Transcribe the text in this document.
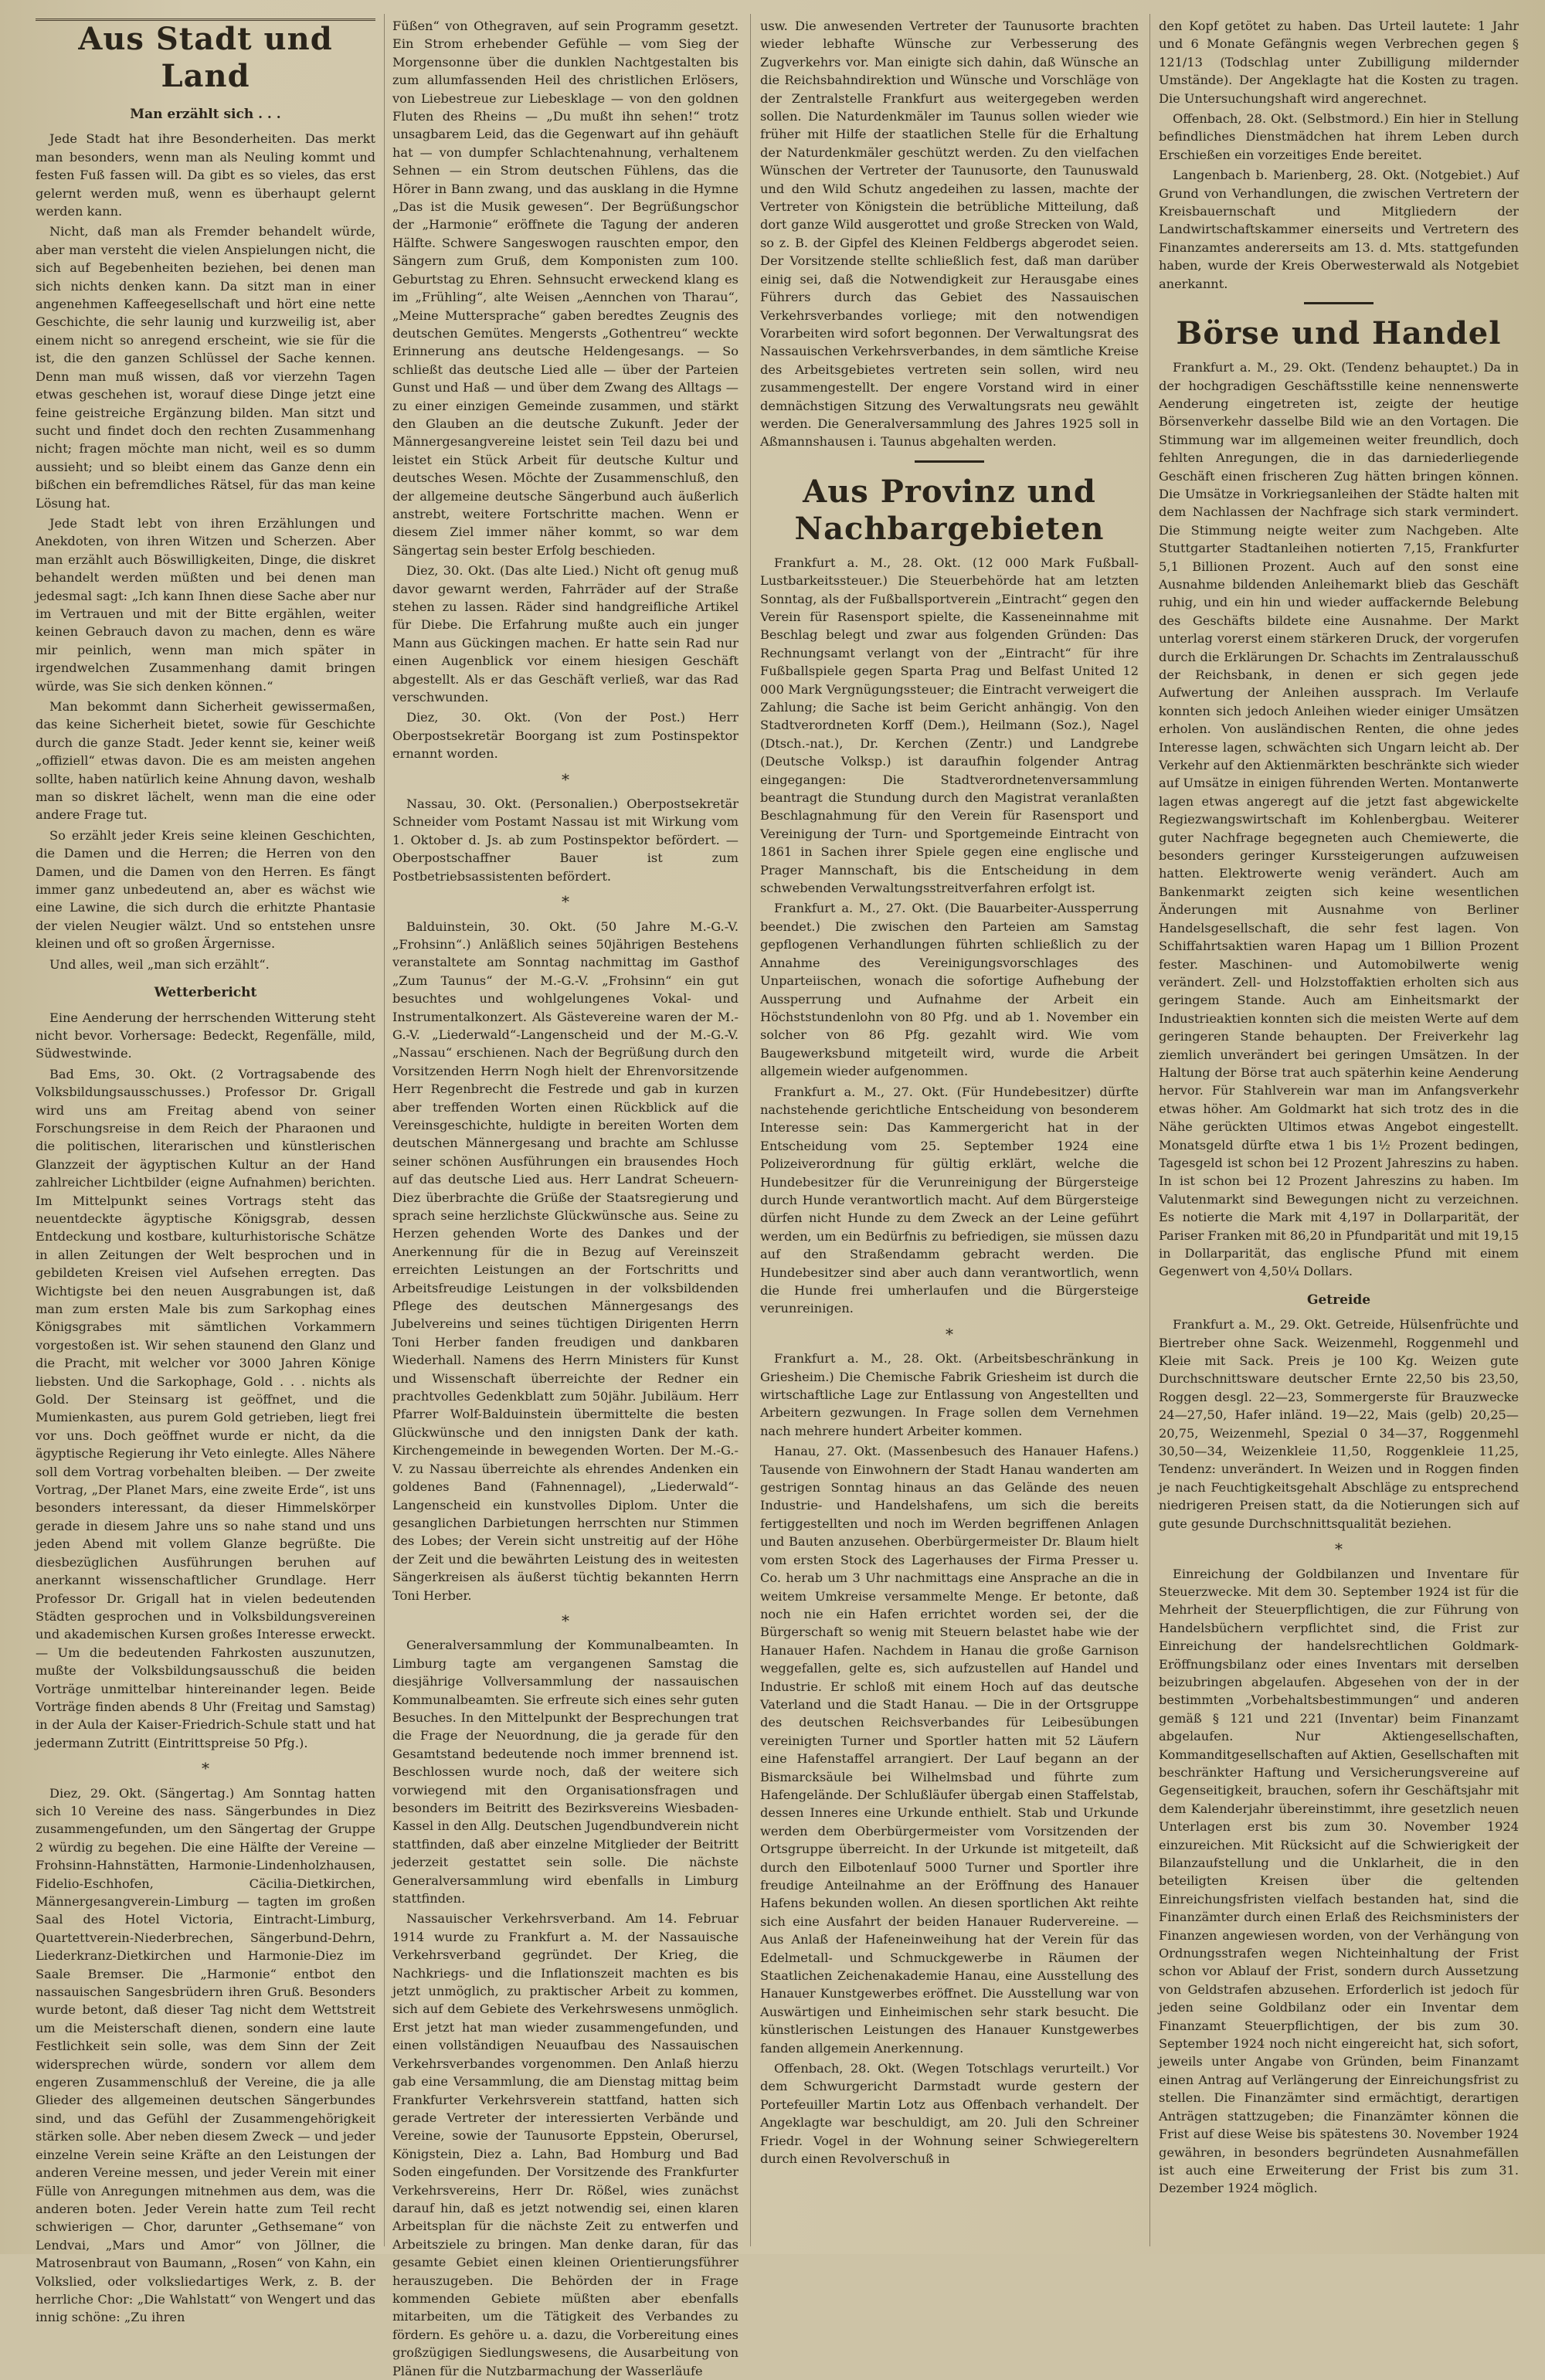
Aus Stadt und Land
Man erzählt sich . . .

Jede Stadt hat ihre Besonderheiten. Das merkt man besonders, wenn man als Neuling kommt und festen Fuß fassen will. Da gibt es so vieles, das erst gelernt werden muß, wenn es überhaupt gelernt werden kann.

Nicht, daß man als Fremder behandelt würde, aber man versteht die vielen Anspielungen nicht, die sich auf Begebenheiten beziehen, bei denen man sich nichts denken kann. Da sitzt man in einer angenehmen Kaffeegesellschaft und hört eine nette Geschichte, die sehr launig und kurzweilig ist, aber einem nicht so anregend erscheint, wie sie für die ist, die den ganzen Schlüssel der Sache kennen. Denn man muß wissen, daß vor vierzehn Tagen etwas geschehen ist, worauf diese Dinge jetzt eine feine geistreiche Ergänzung bilden. Man sitzt und sucht und findet doch den rechten Zusammenhang nicht; fragen möchte man nicht, weil es so dumm aussieht; und so bleibt einem das Ganze denn ein bißchen ein befremdliches Rätsel, für das man keine Lösung hat.

Jede Stadt lebt von ihren Erzählungen und Anekdoten, von ihren Witzen und Scherzen. Aber man erzählt auch Böswilligkeiten, Dinge, die diskret behandelt werden müßten und bei denen man jedesmal sagt: „Ich kann Ihnen diese Sache aber nur im Vertrauen und mit der Bitte ergählen, weiter keinen Gebrauch davon zu machen, denn es wäre mir peinlich, wenn man mich später in irgendwelchen Zusammenhang damit bringen würde, was Sie sich denken können.“

Man bekommt dann Sicherheit gewissermaßen, das keine Sicherheit bietet, sowie für Geschichte durch die ganze Stadt. Jeder kennt sie, keiner weiß „offiziell“ etwas davon. Die es am meisten angehen sollte, haben natürlich keine Ahnung davon, weshalb man so diskret lächelt, wenn man die eine oder andere Frage tut.

So erzählt jeder Kreis seine kleinen Geschichten, die Damen und die Herren; die Herren von den Damen, und die Damen von den Herren. Es fängt immer ganz unbedeutend an, aber es wächst wie eine Lawine, die sich durch die erhitzte Phantasie der vielen Neugier wälzt. Und so entstehen unsre kleinen und oft so großen Ärgernisse.

Und alles, weil „man sich erzählt“.

Wetterbericht

Eine Aenderung der herrschenden Witterung steht nicht bevor. Vorhersage: Bedeckt, Regenfälle, mild, Südwestwinde.

Bad Ems, 30. Okt. (2 Vortragsabende des Volksbildungsausschusses.) Professor Dr. Grigall wird uns am Freitag abend von seiner Forschungsreise in dem Reich der Pharaonen und die politischen, literarischen und künstlerischen Glanzzeit der ägyptischen Kultur an der Hand zahlreicher Lichtbilder (eigne Aufnahmen) berichten. Im Mittelpunkt seines Vortrags steht das neuentdeckte ägyptische Königsgrab, dessen Entdeckung und kostbare, kulturhistorische Schätze in allen Zeitungen der Welt besprochen und in gebildeten Kreisen viel Aufsehen erregten. Das Wichtigste bei den neuen Ausgrabungen ist, daß man zum ersten Male bis zum Sarkophag eines Königsgrabes mit sämtlichen Vorkammern vorgestoßen ist. Wir sehen staunend den Glanz und die Pracht, mit welcher vor 3000 Jahren Könige liebsten. Und die Sarkophage, Gold . . . nichts als Gold. Der Steinsarg ist geöffnet, und die Mumienkasten, aus purem Gold getrieben, liegt frei vor uns. Doch geöffnet wurde er nicht, da die ägyptische Regierung ihr Veto einlegte. Alles Nähere soll dem Vortrag vorbehalten bleiben. — Der zweite Vortrag, „Der Planet Mars, eine zweite Erde“, ist uns besonders interessant, da dieser Himmelskörper gerade in diesem Jahre uns so nahe stand und uns jeden Abend mit vollem Glanze begrüßte. Die diesbezüglichen Ausführungen beruhen auf anerkannt wissenschaftlicher Grundlage. Herr Professor Dr. Grigall hat in vielen bedeutenden Städten gesprochen und in Volksbildungsvereinen und akademischen Kursen großes Interesse erweckt. — Um die bedeutenden Fahrkosten auszunutzen, mußte der Volksbildungsausschuß die beiden Vorträge unmittelbar hintereinander legen. Beide Vorträge finden abends 8 Uhr (Freitag und Samstag) in der Aula der Kaiser-Friedrich-Schule statt und hat jedermann Zutritt (Eintrittspreise 50 Pfg.).

*

Diez, 29. Okt. (Sängertag.) Am Sonntag hatten sich 10 Vereine des nass. Sängerbundes in Diez zusammengefunden, um den Sängertag der Gruppe 2 würdig zu begehen. Die eine Hälfte der Vereine — Frohsinn-Hahnstätten, Harmonie-Lindenholzhausen, Fidelio-Eschhofen, Cäcilia-Dietkirchen, Männergesangverein-Limburg — tagten im großen Saal des Hotel Victoria, Eintracht-Limburg, Quartettverein-Niederbrechen, Sängerbund-Dehrn, Liederkranz-Dietkirchen und Harmonie-Diez im Saale Bremser. Die „Harmonie“ entbot den nassauischen Sangesbrüdern ihren Gruß. Besonders wurde betont, daß dieser Tag nicht dem Wettstreit um die Meisterschaft dienen, sondern eine laute Festlichkeit sein solle, was dem Sinn der Zeit widersprechen würde, sondern vor allem dem engeren Zusammenschluß der Vereine, die ja alle Glieder des allgemeinen deutschen Sängerbundes sind, und das Gefühl der Zusammengehörigkeit stärken solle. Aber neben diesem Zweck — und jeder einzelne Verein seine Kräfte an den Leistungen der anderen Vereine messen, und jeder Verein mit einer Fülle von Anregungen mitnehmen aus dem, was die anderen boten. Jeder Verein hatte zum Teil recht schwierigen — Chor, darunter „Gethsemane“ von Lendvai, „Mars und Amor“ von Jöllner, die Matrosenbraut von Baumann, „Rosen“ von Kahn, ein Volkslied, oder volksliedartiges Werk, z. B. der herrliche Chor: „Die Wahlstatt“ von Wengert und das innig schöne: „Zu ihren

Füßen“ von Othegraven, auf sein Programm gesetzt. Ein Strom erhebender Gefühle — vom Sieg der Morgensonne über die dunklen Nachtgestalten bis zum allumfassenden Heil des christlichen Erlösers, von Liebestreue zur Liebesklage — von den goldnen Fluten des Rheins — „Du mußt ihn sehen!“ trotz unsagbarem Leid, das die Gegenwart auf ihn gehäuft hat — von dumpfer Schlachtenahnung, verhaltenem Sehnen — ein Strom deutschen Fühlens, das die Hörer in Bann zwang, und das ausklang in die Hymne „Das ist die Musik gewesen“. Der Begrüßungschor der „Harmonie“ eröffnete die Tagung der anderen Hälfte. Schwere Sangeswogen rauschten empor, den Sängern zum Gruß, dem Komponisten zum 100. Geburtstag zu Ehren. Sehnsucht erweckend klang es im „Frühling“, alte Weisen „Aennchen von Tharau“, „Meine Muttersprache“ gaben beredtes Zeugnis des deutschen Gemütes. Mengersts „Gothentreu“ weckte Erinnerung ans deutsche Heldengesangs. — So schließt das deutsche Lied alle — über der Parteien Gunst und Haß — und über dem Zwang des Alltags — zu einer einzigen Gemeinde zusammen, und stärkt den Glauben an die deutsche Zukunft. Jeder der Männergesangvereine leistet sein Teil dazu bei und leistet ein Stück Arbeit für deutsche Kultur und deutsches Wesen. Möchte der Zusammenschluß, den der allgemeine deutsche Sängerbund auch äußerlich anstrebt, weitere Fortschritte machen. Wenn er diesem Ziel immer näher kommt, so war dem Sängertag sein bester Erfolg beschieden.

Diez, 30. Okt. (Das alte Lied.) Nicht oft genug muß davor gewarnt werden, Fahrräder auf der Straße stehen zu lassen. Räder sind handgreifliche Artikel für Diebe. Die Erfahrung mußte auch ein junger Mann aus Gückingen machen. Er hatte sein Rad nur einen Augenblick vor einem hiesigen Geschäft abgestellt. Als er das Geschäft verließ, war das Rad verschwunden.

Diez, 30. Okt. (Von der Post.) Herr Oberpostsekretär Boorgang ist zum Postinspektor ernannt worden.

*

Nassau, 30. Okt. (Personalien.) Oberpostsekretär Schneider vom Postamt Nassau ist mit Wirkung vom 1. Oktober d. Js. ab zum Postinspektor befördert. — Oberpostschaffner Bauer ist zum Postbetriebsassistenten befördert.

*

Balduinstein, 30. Okt. (50 Jahre M.-G.-V. „Frohsinn“.) Anläßlich seines 50jährigen Bestehens veranstaltete am Sonntag nachmittag im Gasthof „Zum Taunus“ der M.-G.-V. „Frohsinn“ ein gut besuchtes und wohlgelungenes Vokal- und Instrumentalkonzert. Als Gästevereine waren der M.-G.-V. „Liederwald“-Langenscheid und der M.-G.-V. „Nassau“ erschienen. Nach der Begrüßung durch den Vorsitzenden Herrn Nogh hielt der Ehrenvorsitzende Herr Regenbrecht die Festrede und gab in kurzen aber treffenden Worten einen Rückblick auf die Vereinsgeschichte, huldigte in bereiten Worten dem deutschen Männergesang und brachte am Schlusse seiner schönen Ausführungen ein brausendes Hoch auf das deutsche Lied aus. Herr Landrat Scheuern-Diez überbrachte die Grüße der Staatsregierung und sprach seine herzlichste Glückwünsche aus. Seine zu Herzen gehenden Worte des Dankes und der Anerkennung für die in Bezug auf Vereinszeit erreichten Leistungen an der Fortschritts und Arbeitsfreudige Leistungen in der volksbildenden Pflege des deutschen Männergesangs des Jubelvereins und seines tüchtigen Dirigenten Herrn Toni Herber fanden freudigen und dankbaren Wiederhall. Namens des Herrn Ministers für Kunst und Wissenschaft überreichte der Redner ein prachtvolles Gedenkblatt zum 50jähr. Jubiläum. Herr Pfarrer Wolf-Balduinstein übermittelte die besten Glückwünsche und den innigsten Dank der kath. Kirchengemeinde in bewegenden Worten. Der M.-G.-V. zu Nassau überreichte als ehrendes Andenken ein goldenes Band (Fahnennagel), „Liederwald“-Langenscheid ein kunstvolles Diplom. Unter die gesanglichen Darbietungen herrschten nur Stimmen des Lobes; der Verein sicht unstreitig auf der Höhe der Zeit und die bewährten Leistung des in weitesten Sängerkreisen als äußerst tüchtig bekannten Herrn Toni Herber.

*

Generalversammlung der Kommunalbeamten. In Limburg tagte am vergangenen Samstag die diesjährige Vollversammlung der nassauischen Kommunalbeamten. Sie erfreute sich eines sehr guten Besuches. In den Mittelpunkt der Besprechungen trat die Frage der Neuordnung, die ja gerade für den Gesamtstand bedeutende noch immer brennend ist. Beschlossen wurde noch, daß der weitere sich vorwiegend mit den Organisationsfragen und besonders im Beitritt des Bezirksvereins Wiesbaden-Kassel in den Allg. Deutschen Jugendbundverein nicht stattfinden, daß aber einzelne Mitglieder der Beitritt jederzeit gestattet sein solle. Die nächste Generalversammlung wird ebenfalls in Limburg stattfinden.

Nassauischer Verkehrsverband. Am 14. Februar 1914 wurde zu Frankfurt a. M. der Nassauische Verkehrsverband gegründet. Der Krieg, die Nachkriegs- und die Inflationszeit machten es bis jetzt unmöglich, zu praktischer Arbeit zu kommen, sich auf dem Gebiete des Verkehrswesens unmöglich. Erst jetzt hat man wieder zusammengefunden, und einen vollständigen Neuaufbau des Nassauischen Verkehrsverbandes vorgenommen. Den Anlaß hierzu gab eine Versammlung, die am Dienstag mittag beim Frankfurter Verkehrsverein stattfand, hatten sich gerade Vertreter der interessierten Verbände und Vereine, sowie der Taunusorte Eppstein, Oberursel, Königstein, Diez a. Lahn, Bad Homburg und Bad Soden eingefunden. Der Vorsitzende des Frankfurter Verkehrsvereins, Herr Dr. Rößel, wies zunächst darauf hin, daß es jetzt notwendig sei, einen klaren Arbeitsplan für die nächste Zeit zu entwerfen und Arbeitsziele zu bringen. Man denke daran, für das gesamte Gebiet einen kleinen Orientierungsführer herauszugeben. Die Behörden der in Frage kommenden Gebiete müßten aber ebenfalls mitarbeiten, um die Tätigkeit des Verbandes zu fördern. Es gehöre u. a. dazu, die Vorbereitung eines großzügigen Siedlungswesens, die Ausarbeitung von Plänen für die Nutzbarmachung der Wasserläufe

usw. Die anwesenden Vertreter der Taunusorte brachten wieder lebhafte Wünsche zur Verbesserung des Zugverkehrs vor. Man einigte sich dahin, daß Wünsche an die Reichsbahndirektion und Wünsche und Vorschläge von der Zentralstelle Frankfurt aus weitergegeben werden sollen. Die Naturdenkmäler im Taunus sollen wieder wie früher mit Hilfe der staatlichen Stelle für die Erhaltung der Naturdenkmäler geschützt werden. Zu den vielfachen Wünschen der Vertreter der Taunusorte, den Taunuswald und den Wild Schutz angedeihen zu lassen, machte der Vertreter von Königstein die betrübliche Mitteilung, daß dort ganze Wild ausgerottet und große Strecken von Wald, so z. B. der Gipfel des Kleinen Feldbergs abgerodet seien. Der Vorsitzende stellte schließlich fest, daß man darüber einig sei, daß die Notwendigkeit zur Herausgabe eines Führers durch das Gebiet des Nassauischen Verkehrsverbandes vorliege; mit den notwendigen Vorarbeiten wird sofort begonnen. Der Verwaltungsrat des Nassauischen Verkehrsverbandes, in dem sämtliche Kreise des Arbeitsgebietes vertreten sein sollen, wird neu zusammengestellt. Der engere Vorstand wird in einer demnächstigen Sitzung des Verwaltungsrats neu gewählt werden. Die Generalversammlung des Jahres 1925 soll in Aßmannshausen i. Taunus abgehalten werden.

Aus Provinz und Nachbargebieten

Frankfurt a. M., 28. Okt. (12 000 Mark Fußball-Lustbarkeitssteuer.) Die Steuerbehörde hat am letzten Sonntag, als der Fußballsportverein „Eintracht“ gegen den Verein für Rasensport spielte, die Kasseneinnahme mit Beschlag belegt und zwar aus folgenden Gründen: Das Rechnungsamt verlangt von der „Eintracht“ für ihre Fußballspiele gegen Sparta Prag und Belfast United 12 000 Mark Vergnügungssteuer; die Eintracht verweigert die Zahlung; die Sache ist beim Gericht anhängig. Von den Stadtverordneten Korff (Dem.), Heilmann (Soz.), Nagel (Dtsch.-nat.), Dr. Kerchen (Zentr.) und Landgrebe (Deutsche Volksp.) ist daraufhin folgender Antrag eingegangen: Die Stadtverordnetenversammlung beantragt die Stundung durch den Magistrat veranlaßten Beschlagnahmung für den Verein für Rasensport und Vereinigung der Turn- und Sportgemeinde Eintracht von 1861 in Sachen ihrer Spiele gegen eine englische und Prager Mannschaft, bis die Entscheidung in dem schwebenden Verwaltungsstreitverfahren erfolgt ist.

Frankfurt a. M., 27. Okt. (Die Bauarbeiter-Aussperrung beendet.) Die zwischen den Parteien am Samstag gepflogenen Verhandlungen führten schließlich zu der Annahme des Vereinigungsvorschlages des Unparteiischen, wonach die sofortige Aufhebung der Aussperrung und Aufnahme der Arbeit ein Höchststundenlohn von 80 Pfg. und ab 1. November ein solcher von 86 Pfg. gezahlt wird. Wie vom Baugewerksbund mitgeteilt wird, wurde die Arbeit allgemein wieder aufgenommen.

Frankfurt a. M., 27. Okt. (Für Hundebesitzer) dürfte nachstehende gerichtliche Entscheidung von besonderem Interesse sein: Das Kammergericht hat in der Entscheidung vom 25. September 1924 eine Polizeiverordnung für gültig erklärt, welche die Hundebesitzer für die Verunreinigung der Bürgersteige durch Hunde verantwortlich macht. Auf dem Bürgersteige dürfen nicht Hunde zu dem Zweck an der Leine geführt werden, um ein Bedürfnis zu befriedigen, sie müssen dazu auf den Straßendamm gebracht werden. Die Hundebesitzer sind aber auch dann verantwortlich, wenn die Hunde frei umherlaufen und die Bürgersteige verunreinigen.

*

Frankfurt a. M., 28. Okt. (Arbeitsbeschränkung in Griesheim.) Die Chemische Fabrik Griesheim ist durch die wirtschaftliche Lage zur Entlassung von Angestellten und Arbeitern gezwungen. In Frage sollen dem Vernehmen nach mehrere hundert Arbeiter kommen.

Hanau, 27. Okt. (Massenbesuch des Hanauer Hafens.) Tausende von Einwohnern der Stadt Hanau wanderten am gestrigen Sonntag hinaus an das Gelände des neuen Industrie- und Handelshafens, um sich die bereits fertiggestellten und noch im Werden begriffenen Anlagen und Bauten anzusehen. Oberbürgermeister Dr. Blaum hielt vom ersten Stock des Lagerhauses der Firma Presser u. Co. herab um 3 Uhr nachmittags eine Ansprache an die in weitem Umkreise versammelte Menge. Er betonte, daß noch nie ein Hafen errichtet worden sei, der die Bürgerschaft so wenig mit Steuern belastet habe wie der Hanauer Hafen. Nachdem in Hanau die große Garnison weggefallen, gelte es, sich aufzustellen auf Handel und Industrie. Er schloß mit einem Hoch auf das deutsche Vaterland und die Stadt Hanau. — Die in der Ortsgruppe des deutschen Reichsverbandes für Leibesübungen vereinigten Turner und Sportler hatten mit 52 Läufern eine Hafenstaffel arrangiert. Der Lauf begann an der Bismarcksäule bei Wilhelmsbad und führte zum Hafengelände. Der Schlußläufer übergab einen Staffelstab, dessen Inneres eine Urkunde enthielt. Stab und Urkunde werden dem Oberbürgermeister vom Vorsitzenden der Ortsgruppe überreicht. In der Urkunde ist mitgeteilt, daß durch den Eilbotenlauf 5000 Turner und Sportler ihre freudige Anteilnahme an der Eröffnung des Hanauer Hafens bekunden wollen. An diesen sportlichen Akt reihte sich eine Ausfahrt der beiden Hanauer Rudervereine. — Aus Anlaß der Hafeneinweihung hat der Verein für das Edelmetall- und Schmuckgewerbe in Räumen der Staatlichen Zeichenakademie Hanau, eine Ausstellung des Hanauer Kunstgewerbes eröffnet. Die Ausstellung war von Auswärtigen und Einheimischen sehr stark besucht. Die künstlerischen Leistungen des Hanauer Kunstgewerbes fanden allgemein Anerkennung.

Offenbach, 28. Okt. (Wegen Totschlags verurteilt.) Vor dem Schwurgericht Darmstadt wurde gestern der Portefeuiller Martin Lotz aus Offenbach verhandelt. Der Angeklagte war beschuldigt, am 20. Juli den Schreiner Friedr. Vogel in der Wohnung seiner Schwiegereltern durch einen Revolverschuß in

den Kopf getötet zu haben. Das Urteil lautete: 1 Jahr und 6 Monate Gefängnis wegen Verbrechen gegen § 121/13 (Todschlag unter Zubilligung mildernder Umstände). Der Angeklagte hat die Kosten zu tragen. Die Untersuchungshaft wird angerechnet.

Offenbach, 28. Okt. (Selbstmord.) Ein hier in Stellung befindliches Dienstmädchen hat ihrem Leben durch Erschießen ein vorzeitiges Ende bereitet.

Langenbach b. Marienberg, 28. Okt. (Notgebiet.) Auf Grund von Verhandlungen, die zwischen Vertretern der Kreisbauernschaft und Mitgliedern der Landwirtschaftskammer einerseits und Vertretern des Finanzamtes andererseits am 13. d. Mts. stattgefunden haben, wurde der Kreis Oberwesterwald als Notgebiet anerkannt.

Börse und Handel

Frankfurt a. M., 29. Okt. (Tendenz behauptet.) Da in der hochgradigen Geschäftsstille keine nennenswerte Aenderung eingetreten ist, zeigte der heutige Börsenverkehr dasselbe Bild wie an den Vortagen. Die Stimmung war im allgemeinen weiter freundlich, doch fehlten Anregungen, die in das darniederliegende Geschäft einen frischeren Zug hätten bringen können. Die Umsätze in Vorkriegsanleihen der Städte halten mit dem Nachlassen der Nachfrage sich stark vermindert. Die Stimmung neigte weiter zum Nachgeben. Alte Stuttgarter Stadtanleihen notierten 7,15, Frankfurter 5,1 Billionen Prozent. Auch auf den sonst eine Ausnahme bildenden Anleihemarkt blieb das Geschäft ruhig, und ein hin und wieder auffackernde Belebung des Geschäfts bildete eine Ausnahme. Der Markt unterlag vorerst einem stärkeren Druck, der vorgerufen durch die Erklärungen Dr. Schachts im Zentralausschuß der Reichsbank, in denen er sich gegen jede Aufwertung der Anleihen aussprach. Im Verlaufe konnten sich jedoch Anleihen wieder einiger Umsätzen erholen. Von ausländischen Renten, die ohne jedes Interesse lagen, schwächten sich Ungarn leicht ab. Der Verkehr auf den Aktienmärkten beschränkte sich wieder auf Umsätze in einigen führenden Werten. Montanwerte lagen etwas angeregt auf die jetzt fast abgewickelte Regiezwangswirtschaft im Kohlenbergbau. Weiterer guter Nachfrage begegneten auch Chemiewerte, die besonders geringer Kurssteigerungen aufzuweisen hatten. Elektrowerte wenig verändert. Auch am Bankenmarkt zeigten sich keine wesentlichen Änderungen mit Ausnahme von Berliner Handelsgesellschaft, die sehr fest lagen. Von Schiffahrtsaktien waren Hapag um 1 Billion Prozent fester. Maschinen- und Automobilwerte wenig verändert. Zell- und Holzstoffaktien erholten sich aus geringem Stande. Auch am Einheitsmarkt der Industrieaktien konnten sich die meisten Werte auf dem geringeren Stande behaupten. Der Freiverkehr lag ziemlich unverändert bei geringen Umsätzen. In der Haltung der Börse trat auch späterhin keine Aenderung hervor. Für Stahlverein war man im Anfangsverkehr etwas höher. Am Goldmarkt hat sich trotz des in die Nähe gerückten Ultimos etwas Angebot eingestellt. Monatsgeld dürfte etwa 1 bis 1½ Prozent bedingen, Tagesgeld ist schon bei 12 Prozent Jahreszins zu haben. In ist schon bei 12 Prozent Jahreszins zu haben. Im Valutenmarkt sind Bewegungen nicht zu verzeichnen. Es notierte die Mark mit 4,197 in Dollarparität, der Pariser Franken mit 86,20 in Pfundparität und mit 19,15 in Dollarparität, das englische Pfund mit einem Gegenwert von 4,50¼ Dollars.

Getreide

Frankfurt a. M., 29. Okt. Getreide, Hülsenfrüchte und Biertreber ohne Sack. Weizenmehl, Roggenmehl und Kleie mit Sack. Preis je 100 Kg. Weizen gute Durchschnittsware deutscher Ernte 22,50 bis 23,50, Roggen desgl. 22—23, Sommergerste für Brauzwecke 24—27,50, Hafer inländ. 19—22, Mais (gelb) 20,25—20,75, Weizenmehl, Spezial 0 34—37, Roggenmehl 30,50—34, Weizenkleie 11,50, Roggenkleie 11,25, Tendenz: unverändert. In Weizen und in Roggen finden je nach Feuchtigkeitsgehalt Abschläge zu entsprechend niedrigeren Preisen statt, da die Notierungen sich auf gute gesunde Durchschnittsqualität beziehen.

*

Einreichung der Goldbilanzen und Inventare für Steuerzwecke. Mit dem 30. September 1924 ist für die Mehrheit der Steuerpflichtigen, die zur Führung von Handelsbüchern verpflichtet sind, die Frist zur Einreichung der handelsrechtlichen Goldmark-Eröffnungsbilanz oder eines Inventars mit derselben beizubringen abgelaufen. Abgesehen von der in der bestimmten „Vorbehaltsbestimmungen“ und anderen gemäß § 121 und 221 (Inventar) beim Finanzamt abgelaufen. Nur Aktiengesellschaften, Kommanditgesellschaften auf Aktien, Gesellschaften mit beschränkter Haftung und Versicherungsvereine auf Gegenseitigkeit, brauchen, sofern ihr Geschäftsjahr mit dem Kalenderjahr übereinstimmt, ihre gesetzlich neuen Unterlagen erst bis zum 30. November 1924 einzureichen. Mit Rücksicht auf die Schwierigkeit der Bilanzaufstellung und die Unklarheit, die in den beteiligten Kreisen über die geltenden Einreichungsfristen vielfach bestanden hat, sind die Finanzämter durch einen Erlaß des Reichsministers der Finanzen angewiesen worden, von der Verhängung von Ordnungsstrafen wegen Nichteinhaltung der Frist schon vor Ablauf der Frist, sondern durch Aussetzung von Geldstrafen abzusehen. Erforderlich ist jedoch für jeden seine Goldbilanz oder ein Inventar dem Finanzamt Steuerpflichtigen, der bis zum 30. September 1924 noch nicht eingereicht hat, sich sofort, jeweils unter Angabe von Gründen, beim Finanzamt einen Antrag auf Verlängerung der Einreichungsfrist zu stellen. Die Finanzämter sind ermächtigt, derartigen Anträgen stattzugeben; die Finanzämter können die Frist auf diese Weise bis spätestens 30. November 1924 gewähren, in besonders begründeten Ausnahmefällen ist auch eine Erweiterung der Frist bis zum 31. Dezember 1924 möglich.
